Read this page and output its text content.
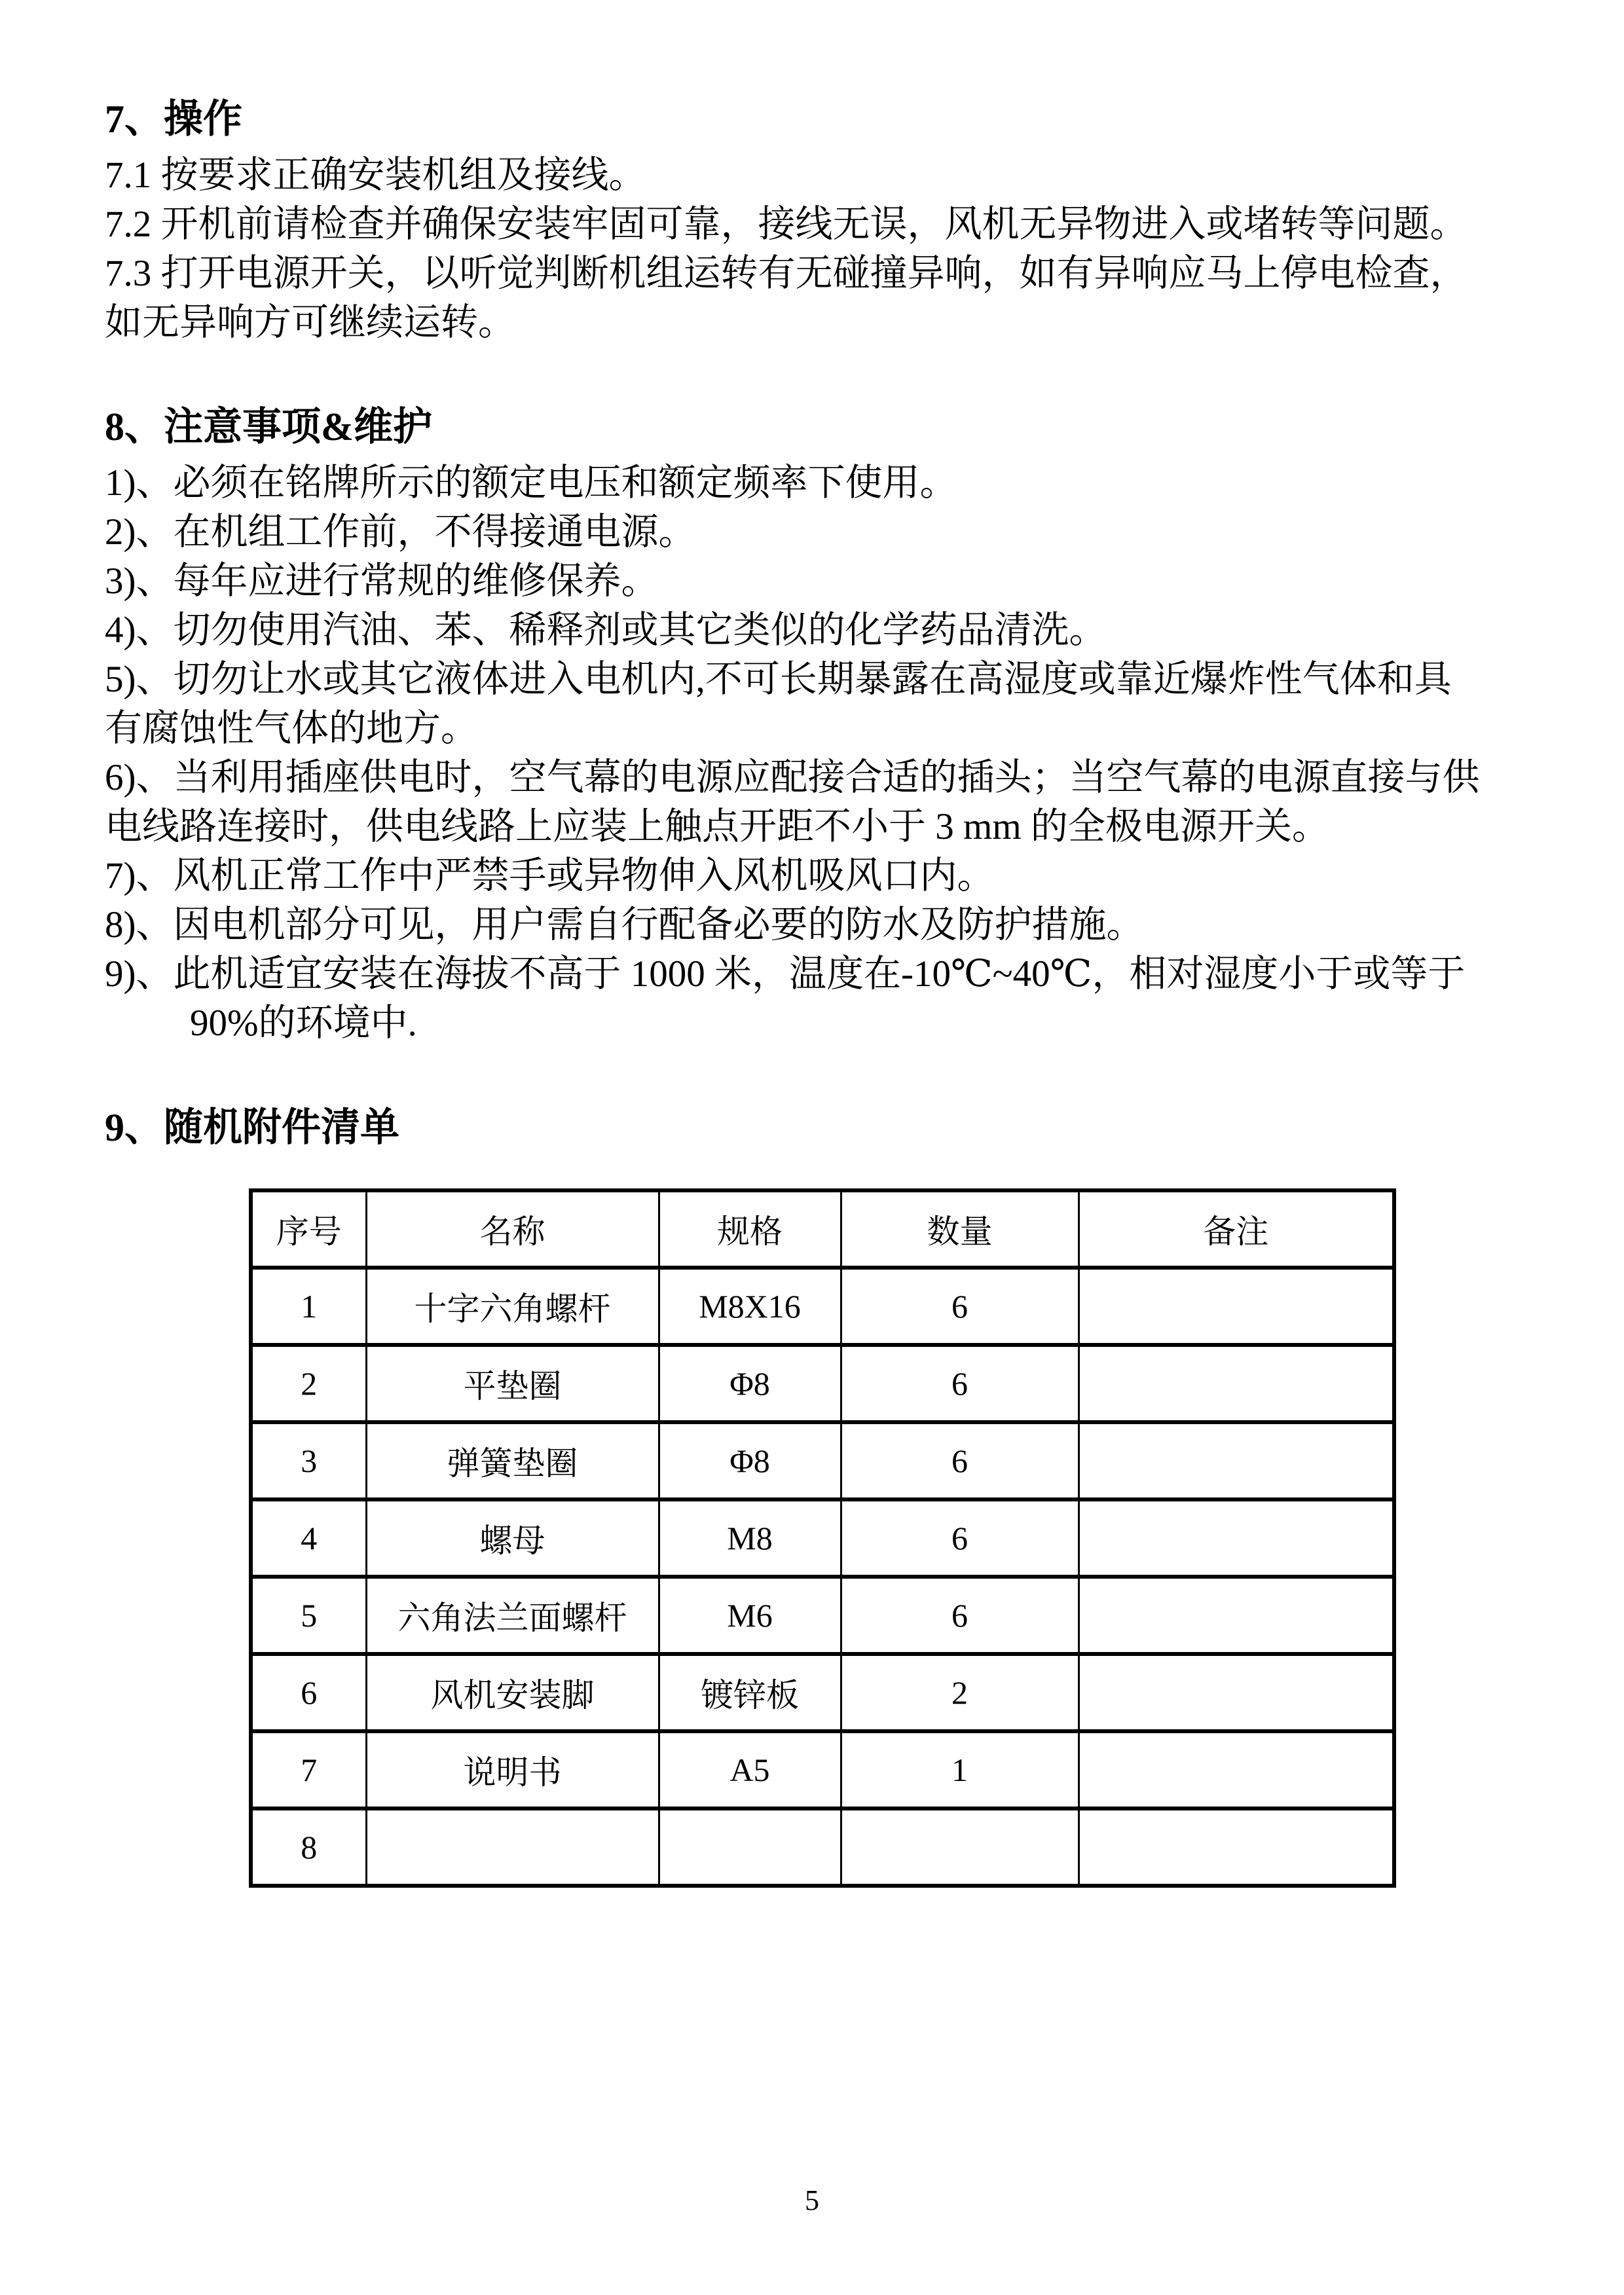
7、操作
7.1 按要求正确安装机组及接线。
7.2 开机前请检查并确保安装牢固可靠，接线无误，风机无异物进入或堵转等问题。
7.3 打开电源开关，以听觉判断机组运转有无碰撞异响，如有异响应马上停电检查，
如无异响方可继续运转。
8、注意事项&维护
1)、必须在铭牌所示的额定电压和额定频率下使用。
2)、在机组工作前，不得接通电源。
3)、每年应进行常规的维修保养。
4)、切勿使用汽油、苯、稀释剂或其它类似的化学药品清洗。
5)、切勿让水或其它液体进入电机内,不可长期暴露在高湿度或靠近爆炸性气体和具
有腐蚀性气体的地方。
6)、当利用插座供电时，空气幕的电源应配接合适的插头；当空气幕的电源直接与供
电线路连接时，供电线路上应装上触点开距不小于 3 mm 的全极电源开关。
7)、风机正常工作中严禁手或异物伸入风机吸风口内。
8)、因电机部分可见，用户需自行配备必要的防水及防护措施。
9)、此机适宜安装在海拔不高于 1000 米，温度在-10℃~40℃，相对湿度小于或等于
90%的环境中.
9、随机附件清单
序号	名称	规格	数量	备注
1	十字六角螺杆	M8X16	6	
2	平垫圈	Φ8	6	
3	弹簧垫圈	Φ8	6	
4	螺母	M8	6	
5	六角法兰面螺杆	M6	6	
6	风机安装脚	镀锌板	2	
7	说明书	A5	1	
8				
5
